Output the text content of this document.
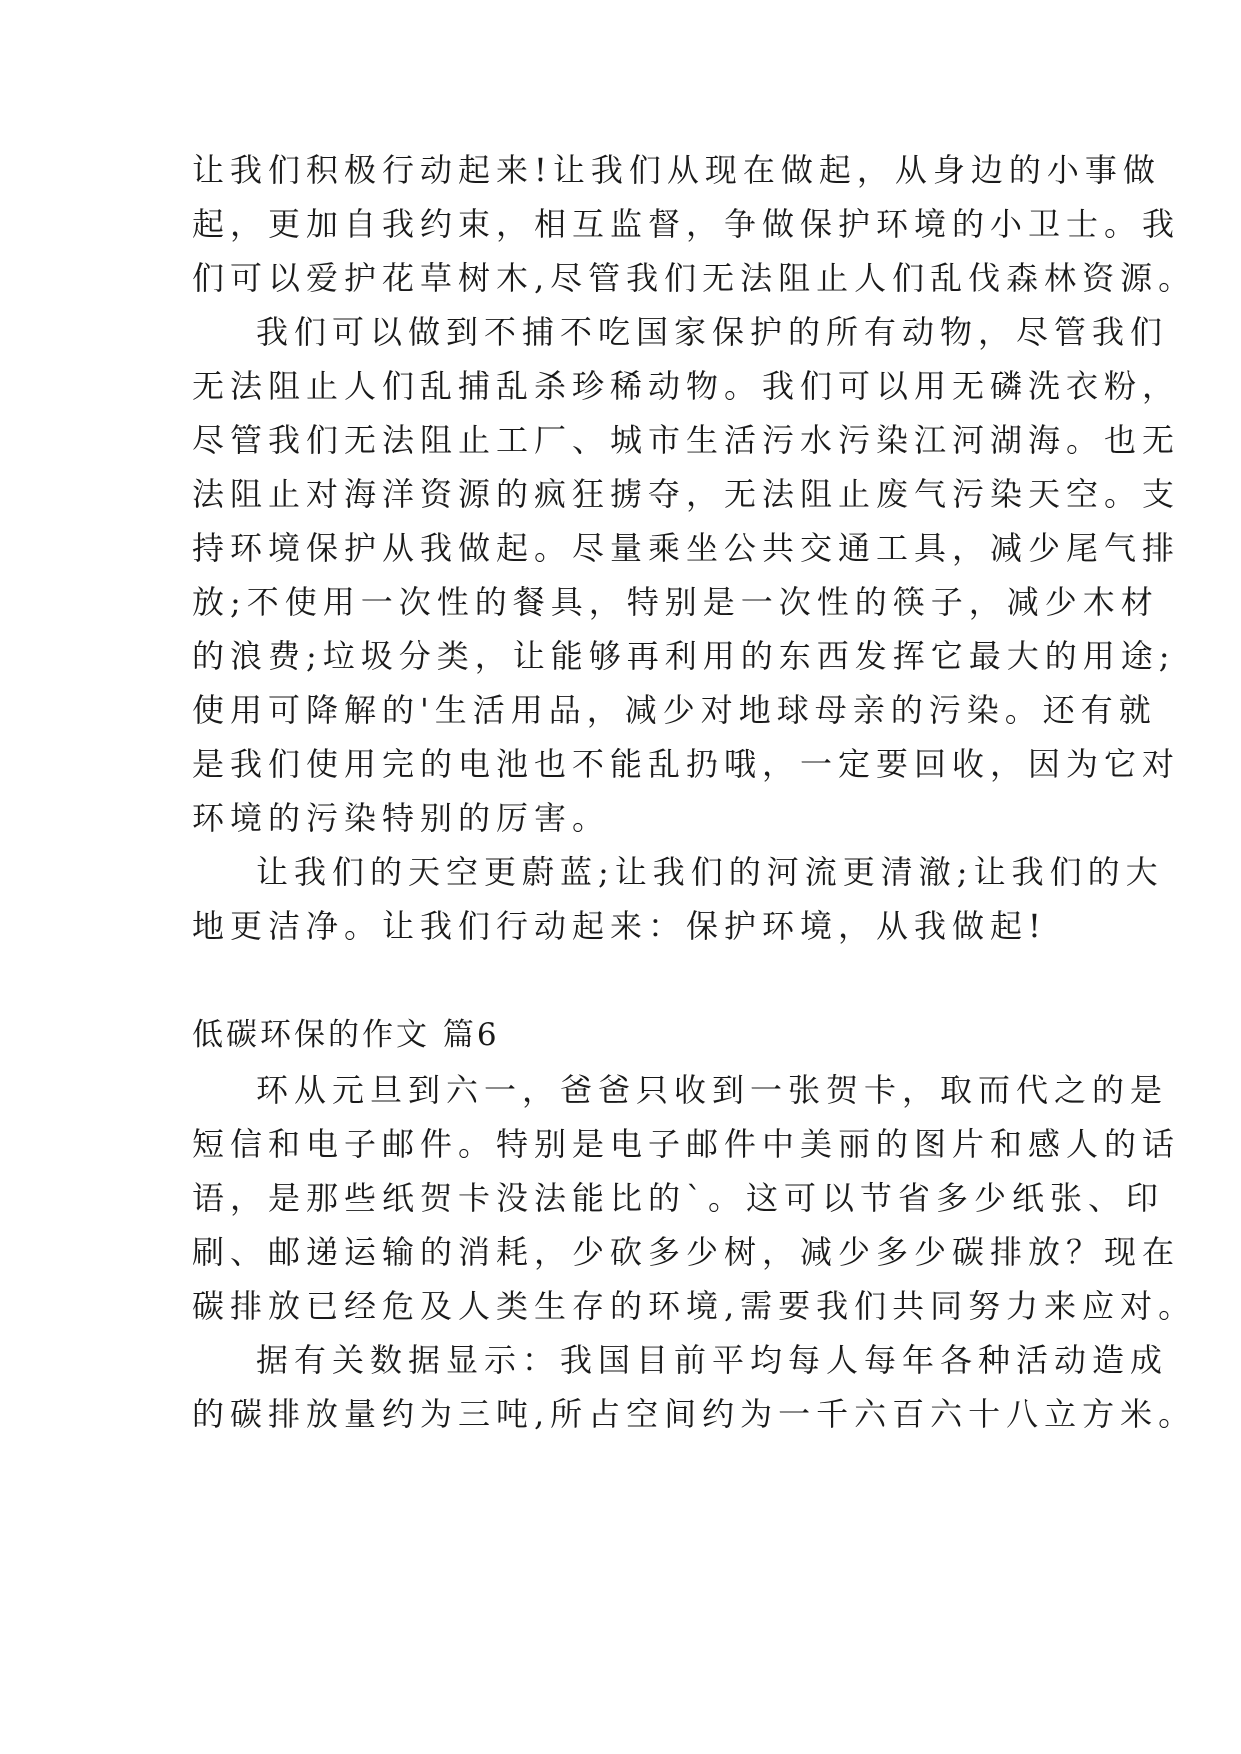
让我们积极行动起来!让我们从现在做起，从身边的小事做
起，更加自我约束，相互监督，争做保护环境的小卫士。我
们可以爱护花草树木,尽管我们无法阻止人们乱伐森林资源。
我们可以做到不捕不吃国家保护的所有动物，尽管我们
无法阻止人们乱捕乱杀珍稀动物。我们可以用无磷洗衣粉，
尽管我们无法阻止工厂、城市生活污水污染江河湖海。也无
法阻止对海洋资源的疯狂掳夺，无法阻止废气污染天空。支
持环境保护从我做起。尽量乘坐公共交通工具，减少尾气排
放;不使用一次性的餐具，特别是一次性的筷子，减少木材
的浪费;垃圾分类，让能够再利用的东西发挥它最大的用途;
使用可降解的'生活用品，减少对地球母亲的污染。还有就
是我们使用完的电池也不能乱扔哦，一定要回收，因为它对
环境的污染特别的厉害。
让我们的天空更蔚蓝;让我们的河流更清澈;让我们的大
地更洁净。让我们行动起来：保护环境，从我做起!
低碳环保的作文 篇6
环从元旦到六一，爸爸只收到一张贺卡，取而代之的是
短信和电子邮件。特别是电子邮件中美丽的图片和感人的话
语，是那些纸贺卡没法能比的`。这可以节省多少纸张、印
刷、邮递运输的消耗，少砍多少树，减少多少碳排放？现在
碳排放已经危及人类生存的环境,需要我们共同努力来应对。
据有关数据显示：我国目前平均每人每年各种活动造成
的碳排放量约为三吨,所占空间约为一千六百六十八立方米。
